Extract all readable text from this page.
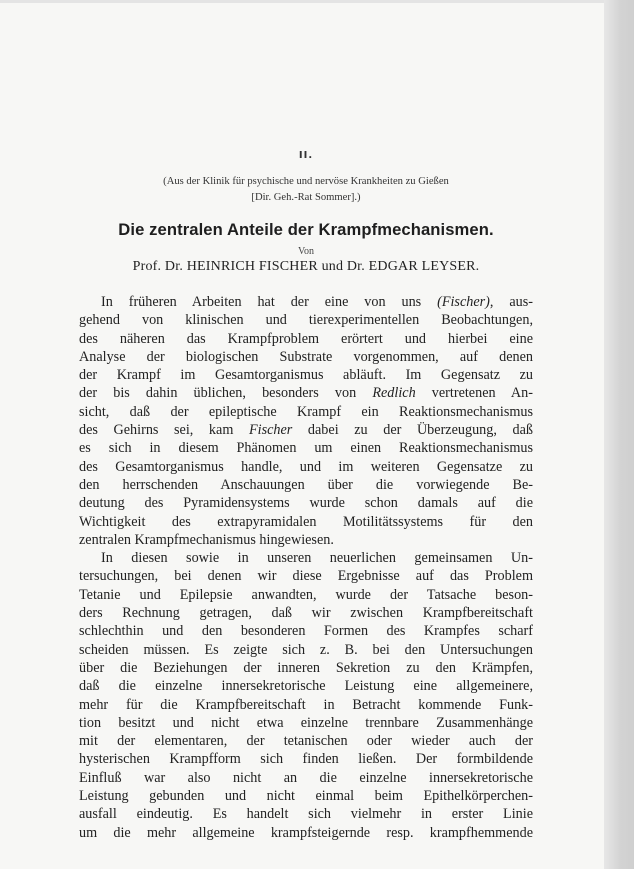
II.
(Aus der Klinik für psychische und nervöse Krankheiten zu Gießen
[Dir. Geh.-Rat Sommer].)
Die zentralen Anteile der Krampfmechanismen.
Von
Prof. Dr. HEINRICH FISCHER und Dr. EDGAR LEYSER.
In früheren Arbeiten hat der eine von uns (Fischer), aus-
gehend von klinischen und tierexperimentellen Beobachtungen,
des näheren das Krampfproblem erörtert und hierbei eine
Analyse der biologischen Substrate vorgenommen, auf denen
der Krampf im Gesamtorganismus abläuft. Im Gegensatz zu
der bis dahin üblichen, besonders von Redlich vertretenen An-
sicht, daß der epileptische Krampf ein Reaktionsmechanismus
des Gehirns sei, kam Fischer dabei zu der Überzeugung, daß
es sich in diesem Phänomen um einen Reaktionsmechanismus
des Gesamtorganismus handle, und im weiteren Gegensatze zu
den herrschenden Anschauungen über die vorwiegende Be-
deutung des Pyramidensystems wurde schon damals auf die
Wichtigkeit des extrapyramidalen Motilitätssystems für den
zentralen Krampfmechanismus hingewiesen.
In diesen sowie in unseren neuerlichen gemeinsamen Un-
tersuchungen, bei denen wir diese Ergebnisse auf das Problem
Tetanie und Epilepsie anwandten, wurde der Tatsache beson-
ders Rechnung getragen, daß wir zwischen Krampfbereitschaft
schlechthin und den besonderen Formen des Krampfes scharf
scheiden müssen. Es zeigte sich z. B. bei den Untersuchungen
über die Beziehungen der inneren Sekretion zu den Krämpfen,
daß die einzelne innersekretorische Leistung eine allgemeinere,
mehr für die Krampfbereitschaft in Betracht kommende Funk-
tion besitzt und nicht etwa einzelne trennbare Zusammenhänge
mit der elementaren, der tetanischen oder wieder auch der
hysterischen Krampfform sich finden ließen. Der formbildende
Einfluß war also nicht an die einzelne innersekretorische
Leistung gebunden und nicht einmal beim Epithelkörperchen-
ausfall eindeutig. Es handelt sich vielmehr in erster Linie
um die mehr allgemeine krampfsteigernde resp. krampfhemmende
